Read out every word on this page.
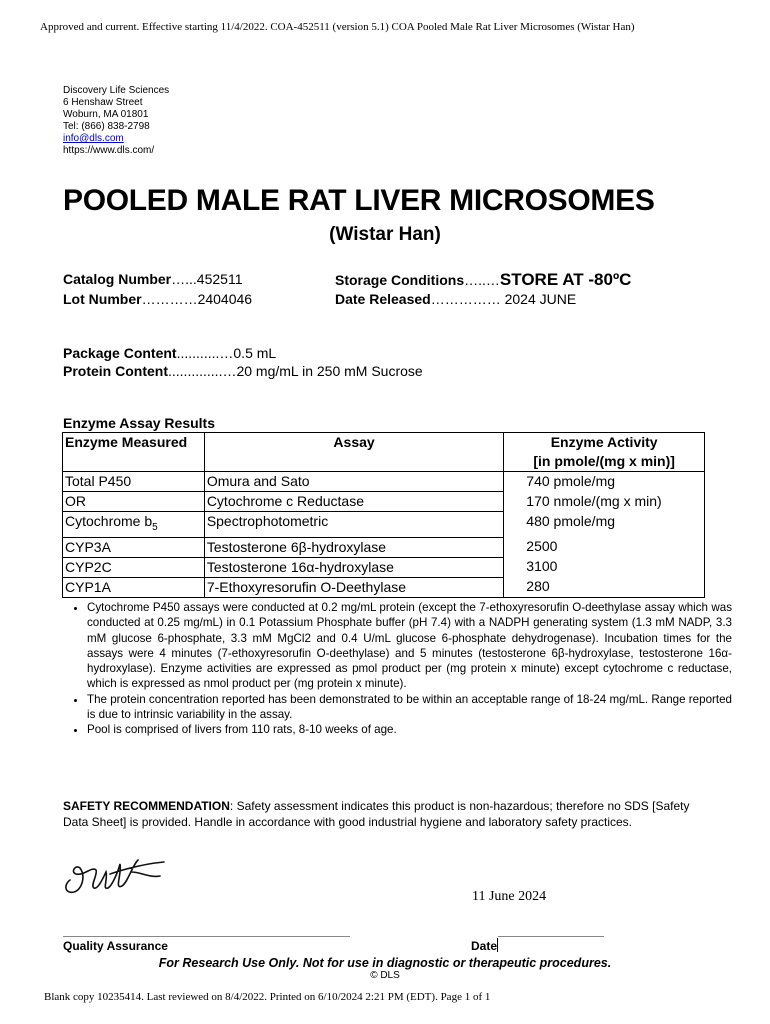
Approved and current. Effective starting 11/4/2022. COA-452511 (version 5.1) COA Pooled Male Rat Liver Microsomes (Wistar Han)
Discovery Life Sciences
6 Henshaw Street
Woburn, MA 01801
Tel: (866) 838-2798
info@dls.com
https://www.dls.com/
POOLED MALE RAT LIVER MICROSOMES
(Wistar Han)
Catalog Number…...452511	Storage Conditions…..…STORE AT -80ºC
Lot Number…………2404046	Date Released…………… 2024 JUNE
Package Content...........…0.5 mL
Protein Content..............…20 mg/mL in 250 mM Sucrose
Enzyme Assay Results
Enzyme Measured	Assay	Enzyme Activity
		[in pmole/(mg x min)]
Total P450	Omura and Sato	740 pmole/mg
OR	Cytochrome c Reductase	170 nmole/(mg x min)
Cytochrome $b_5$	Spectrophotometric	480 pmole/mg
CYP3A	Testosterone 6β-hydroxylase	2500
CYP2C	Testosterone 16α-hydroxylase	3100
CYP1A	7-Ethoxyresorufin O-Deethylase	280
• Cytochrome P450 assays were conducted at 0.2 mg/mL protein (except the 7-ethoxyresorufin O-deethylase assay which was conducted at 0.25 mg/mL) in 0.1 Potassium Phosphate buffer (pH 7.4) with a NADPH generating system (1.3 mM NADP, 3.3 mM glucose 6-phosphate, 3.3 mM MgCl2 and 0.4 U/mL glucose 6-phosphate dehydrogenase). Incubation times for the assays were 4 minutes (7-ethoxyresorufin O-deethylase) and 5 minutes (testosterone 6β-hydroxylase, testosterone 16α-hydroxylase). Enzyme activities are expressed as pmol product per (mg protein x minute) except cytochrome c reductase, which is expressed as nmol product per (mg protein x minute).
• The protein concentration reported has been demonstrated to be within an acceptable range of 18-24 mg/mL. Range reported is due to intrinsic variability in the assay.
• Pool is comprised of livers from 110 rats, 8-10 weeks of age.
SAFETY RECOMMENDATION: Safety assessment indicates this product is non-hazardous; therefore no SDS [Safety Data Sheet] is provided. Handle in accordance with good industrial hygiene and laboratory safety practices.
11 June 2024
Quality Assurance	Date
For Research Use Only. Not for use in diagnostic or therapeutic procedures.
© DLS
Blank copy 10235414. Last reviewed on 8/4/2022. Printed on 6/10/2024 2:21 PM (EDT). Page 1 of 1
